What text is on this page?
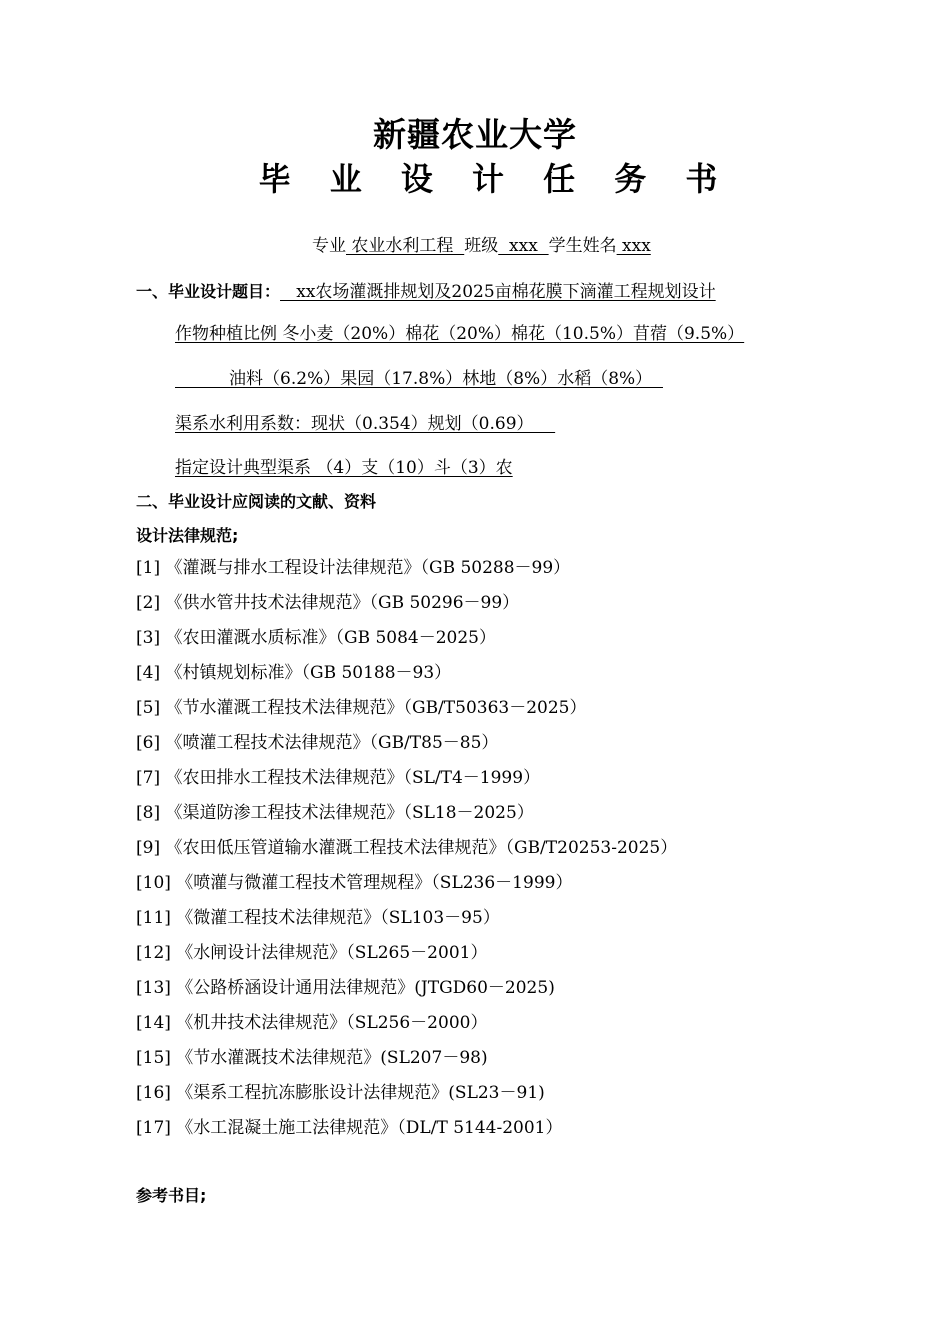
新疆农业大学
毕 业 设 计 任 务 书
专业 农业水利工程  班级  xxx  学生姓名 xxx
一、毕业设计题目：   xx农场灌溉排规划及2025亩棉花膜下滴灌工程规划设计
作物种植比例 冬小麦（20%）棉花（20%）棉花（10.5%）苜蓿（9.5%）
油料（6.2%）果园（17.8%）林地（8%）水稻（8%）
渠系水利用系数：现状（0.354）规划（0.69）
指定设计典型渠系 （4）支（10）斗（3）农
二、毕业设计应阅读的文献、资料
设计法律规范;
[1] 《灌溉与排水工程设计法律规范》（GB 50288－99）
[2] 《供水管井技术法律规范》（GB 50296－99）
[3] 《农田灌溉水质标准》（GB 5084－2025）
[4] 《村镇规划标准》（GB 50188－93）
[5] 《节水灌溉工程技术法律规范》（GB/T50363－2025）
[6] 《喷灌工程技术法律规范》（GB/T85－85）
[7] 《农田排水工程技术法律规范》（SL/T4－1999）
[8] 《渠道防渗工程技术法律规范》（SL18－2025）
[9] 《农田低压管道输水灌溉工程技术法律规范》（GB/T20253-2025）
[10] 《喷灌与微灌工程技术管理规程》（SL236－1999）
[11] 《微灌工程技术法律规范》（SL103－95）
[12] 《水闸设计法律规范》（SL265－2001）
[13] 《公路桥涵设计通用法律规范》(JTGD60－2025)
[14] 《机井技术法律规范》（SL256－2000）
[15] 《节水灌溉技术法律规范》(SL207－98)
[16] 《渠系工程抗冻膨胀设计法律规范》(SL23－91)
[17] 《水工混凝土施工法律规范》（DL/T 5144-2001）
参考书目;
